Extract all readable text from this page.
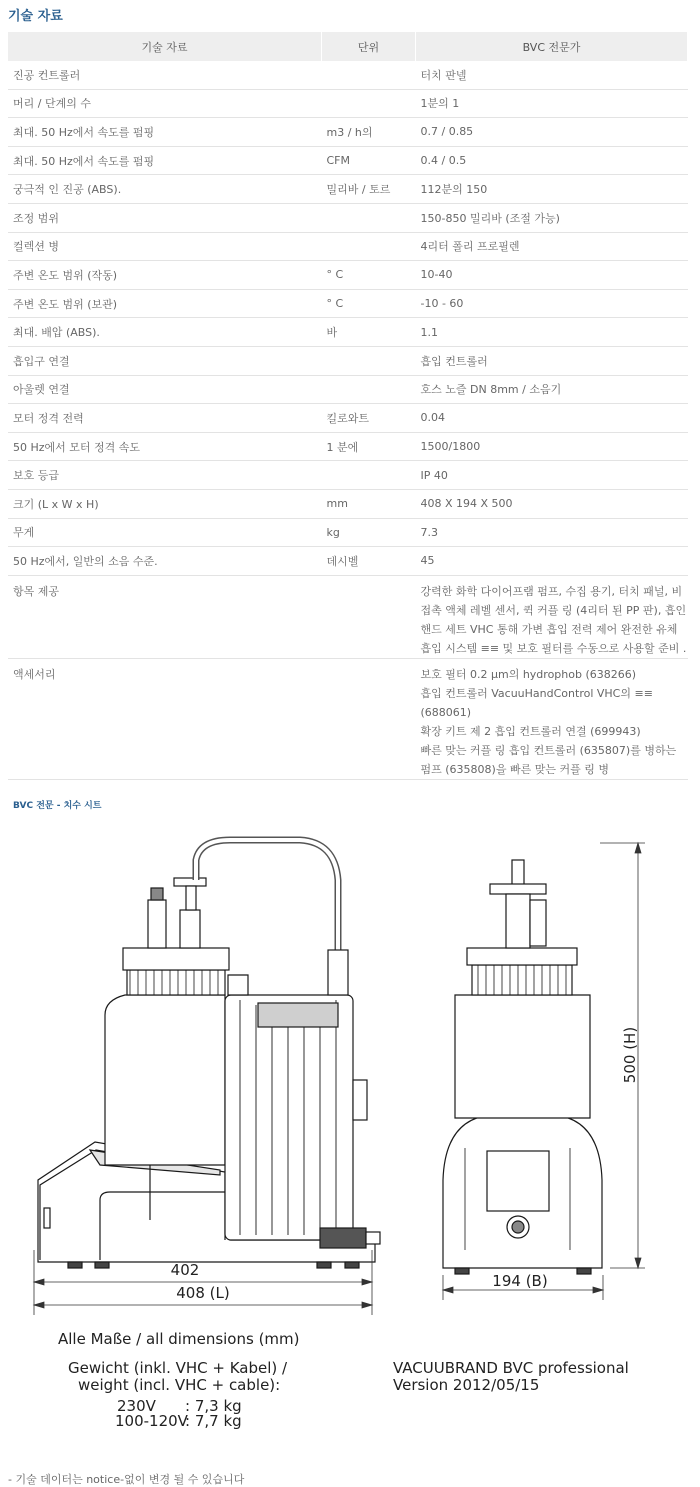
기술 자료
기술 자료	단위	BVC 전문가
진공 컨트롤러		터치 판넬
머리 / 단계의 수		1분의 1
최대. 50 Hz에서 속도를 펌핑	m3 / h의	0.7 / 0.85
최대. 50 Hz에서 속도를 펌핑	CFM	0.4 / 0.5
궁극적 인 진공 (ABS).	밀리바 / 토르	112분의 150
조정 범위		150-850 밀리바 (조절 가능)
컬렉션 병		4리터 폴리 프로필렌
주변 온도 범위 (작동)	° C	10-40
주변 온도 범위 (보관)	° C	-10 - 60
최대. 배압 (ABS).	바	1.1
흡입구 연결		흡입 컨트롤러
아울렛 연결		호스 노즐 DN 8mm / 소음기
모터 정격 전력	킬로와트	0.04
50 Hz에서 모터 정격 속도	1 분에	1500/1800
보호 등급		IP 40
크기 (L x W x H)	mm	408 X 194 X 500
무게	kg	7.3
50 Hz에서, 일반의 소음 수준.	데시벨	45
항목 제공		강력한 화학 다이어프램 펌프, 수집 용기, 터치 패널, 비
접촉 액체 레벨 센서, 퀵 커플 링 (4리터 된 PP 판), 흡인
핸드 세트 VHC 통해 가변 흡입 전력 제어 완전한 유체
흡입 시스템 ≡≡ 및 보호 필터를 수동으로 사용할 준비 .

액세서리		보호 필터 0.2 μm의 hydrophob (638266)
흡입 컨트롤러 VacuuHandControl VHC의 ≡≡ (688061)
확장 키트 제 2 흡입 컨트롤러 연결 (699943)
빠른 맞는 커플 링 흡입 컨트롤러 (635807)를 병하는
펌프 (635808)을 빠른 맞는 커플 링 병
BVC 전문 - 치수 시트
402
408 (L)
194 (B)
500 (H)
Alle Maße / all dimensions (mm)
Gewicht (inkl. VHC + Kabel) /
weight (incl. VHC + cable):
230V : 7,3 kg
100-120V
: 7,7 kg
VACUUBRAND BVC professional
Version 2012/05/15
- 기술 데이터는 notice-없이 변경 될 수 있습니다
